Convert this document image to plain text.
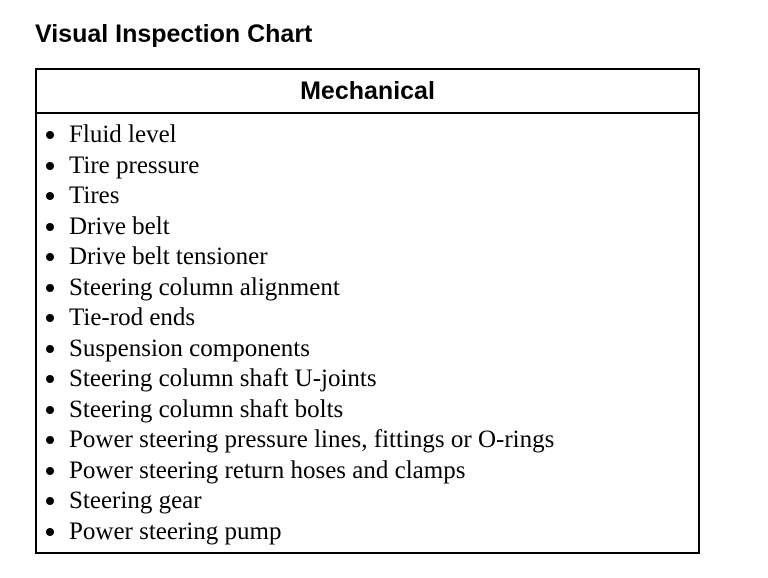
Visual Inspection Chart
Mechanical
Fluid level
Tire pressure
Tires
Drive belt
Drive belt tensioner
Steering column alignment
Tie-rod ends
Suspension components
Steering column shaft U-joints
Steering column shaft bolts
Power steering pressure lines, fittings or O-rings
Power steering return hoses and clamps
Steering gear
Power steering pump
